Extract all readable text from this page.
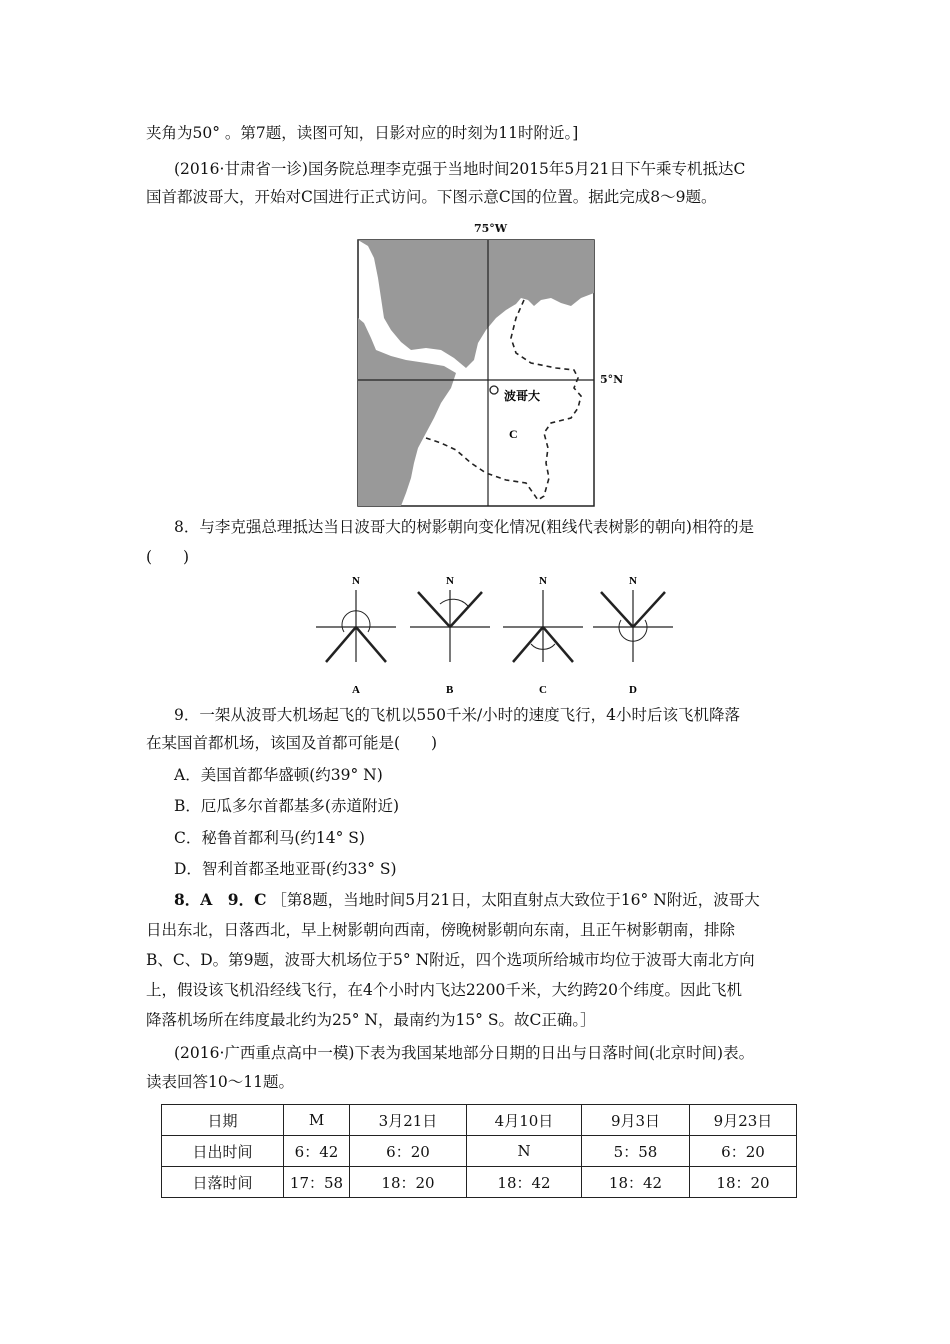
夹角为50° 。第7题，读图可知，日影对应的时刻为11时附近。]
(2016·甘肃省一诊)国务院总理李克强于当地时间2015年5月21日下午乘专机抵达C
国首都波哥大，开始对C国进行正式访问。下图示意C国的位置。据此完成8～9题。
波哥大
C
5°N
75°W
8．与李克强总理抵达当日波哥大的树影朝向变化情况(粗线代表树影的朝向)相符的是
(　　)
N
A
N
B
N
C
N
D
9．一架从波哥大机场起飞的飞机以550千米/小时的速度飞行，4小时后该飞机降落
在某国首都机场，该国及首都可能是(　　)
A．美国首都华盛顿(约39° N)
B．厄瓜多尔首都基多(赤道附近)
C．秘鲁首都利马(约14° S)
D．智利首都圣地亚哥(约33° S)
8．A　9．C ［第8题，当地时间5月21日，太阳直射点大致位于16° N附近，波哥大
日出东北，日落西北，早上树影朝向西南，傍晚树影朝向东南，且正午树影朝南，排除
B、C、D。第9题，波哥大机场位于5° N附近，四个选项所给城市均位于波哥大南北方向
上，假设该飞机沿经线飞行，在4个小时内飞达2200千米，大约跨20个纬度。因此飞机
降落机场所在纬度最北约为25° N，最南约为15° S。故C正确。］
(2016·广西重点高中一模)下表为我国某地部分日期的日出与日落时间(北京时间)表。
读表回答10～11题。
日期	M	3月21日	4月10日	9月3日	9月23日
日出时间	6：42	6：20	N	5：58	6：20
日落时间	17：58	18：20	18：42	18：42	18：20
